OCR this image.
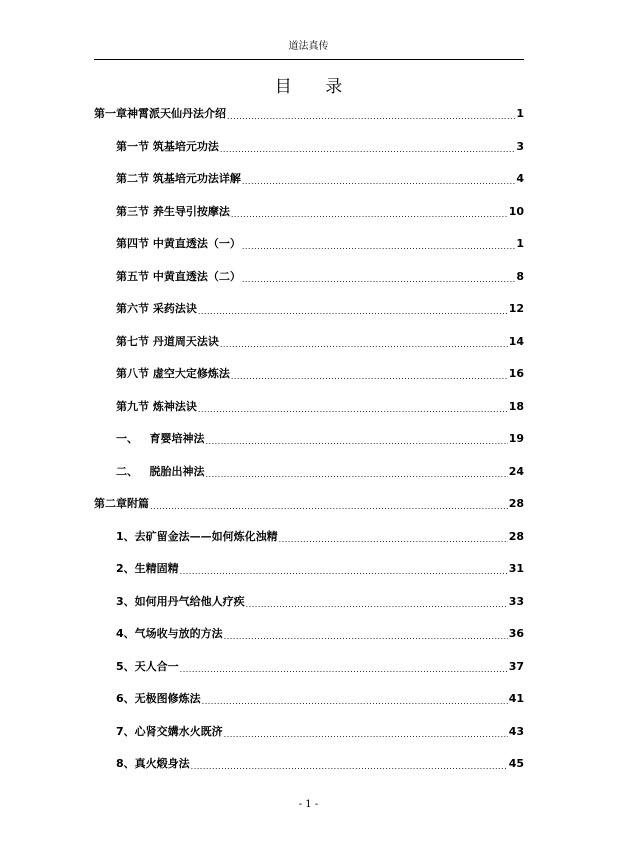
道法真传
目 录
第一章 神霄派天仙丹法介绍 .....	1
第一节 筑基培元功法 .....	3
第二节 筑基培元功法详解 .....	4
第三节 养生导引按摩法 .....	10
第四节 中黄直透法（一） .....	1
第五节 中黄直透法（二） .....	8
第六节 采药法诀 .....	12
第七节 丹道周天法诀 .....	14
第八节 虚空大定修炼法 .....	16
第九节 炼神法诀 .....	18
一、 育婴培神法 .....	19
二、 脱胎出神法 .....	24
第二章 附篇 .....	28
1、 去矿留金法——如何炼化浊精 .....	28
2、 生精固精 .....	31
3、 如何用丹气给他人疗疾 .....	33
4、 气场收与放的方法 .....	36
5、 天人合一 .....	37
6、 无极图修炼法 .....	41
7、 心肾交媾水火既济 .....	43
8、 真火煅身法 .....	45
- 1 -
